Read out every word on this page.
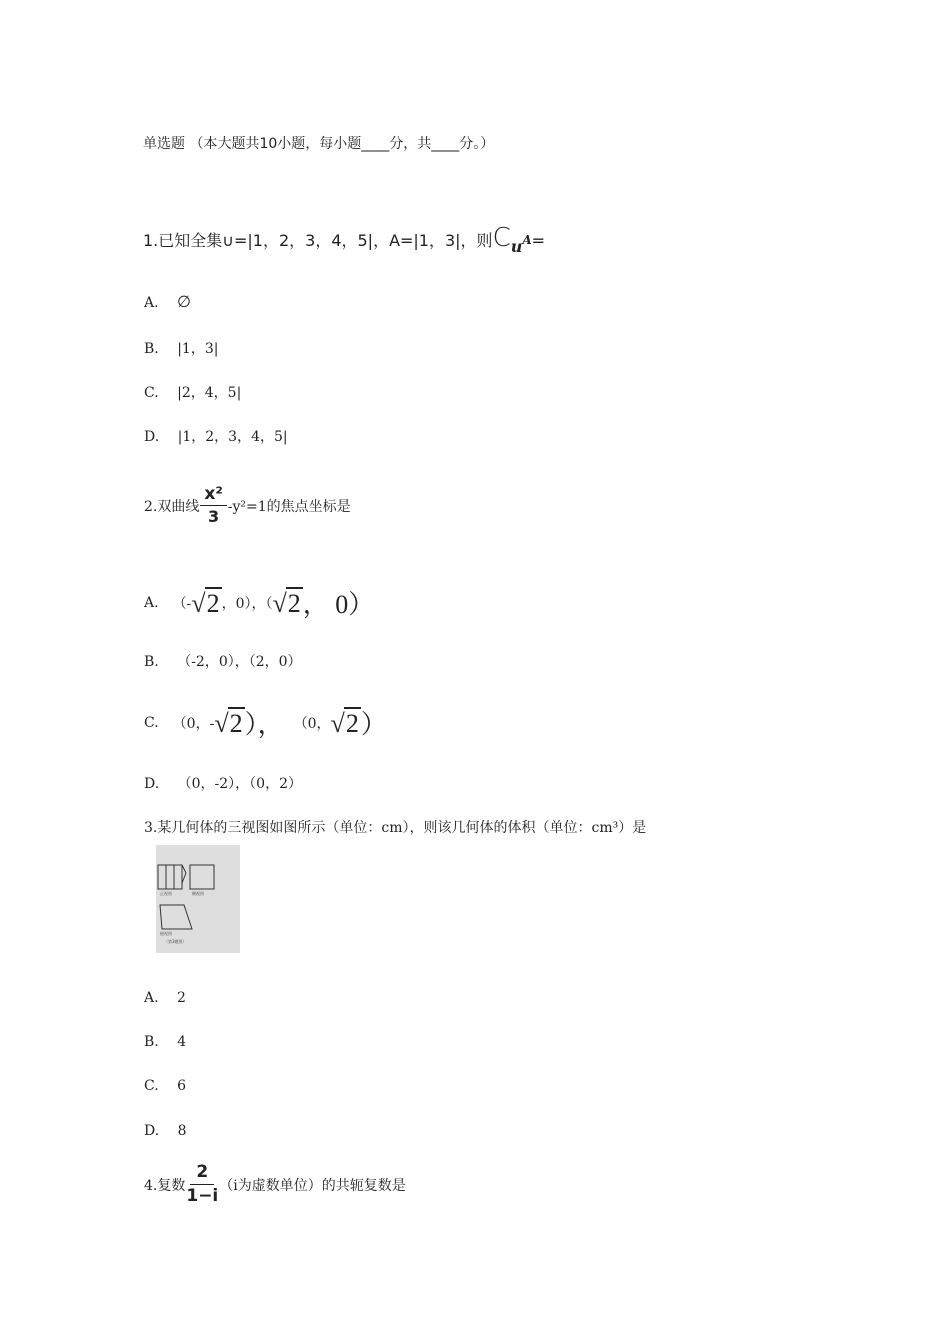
单选题 （本大题共10小题，每小题____分，共____分。）
1.已知全集∪=|1，2，3，4，5|，A=|1，3|，则CuA=
A. ∅
B. |1，3|
C. |2，4，5|
D. |1，2，3，4，5|
2.双曲线 $\frac{\text{x²}}{3} -y^2=1$的焦点坐标是
A. （- √2 ，0），（ √2 ， 0）
B. （-2，0），（2，0）
C. （0，- √2 ）， （0， √2 ）
D. （0，-2），（0，2）
3.某几何体的三视图如图所示（单位：cm），则该几何体的体积（单位：cm³）是
正视图	侧视图
俯视图
（第3题图）
A. 2
B. 4
C. 6
D. 8
4.复数 $\frac{2}{1-i} (i$为虚数单位）的共轭复数是
